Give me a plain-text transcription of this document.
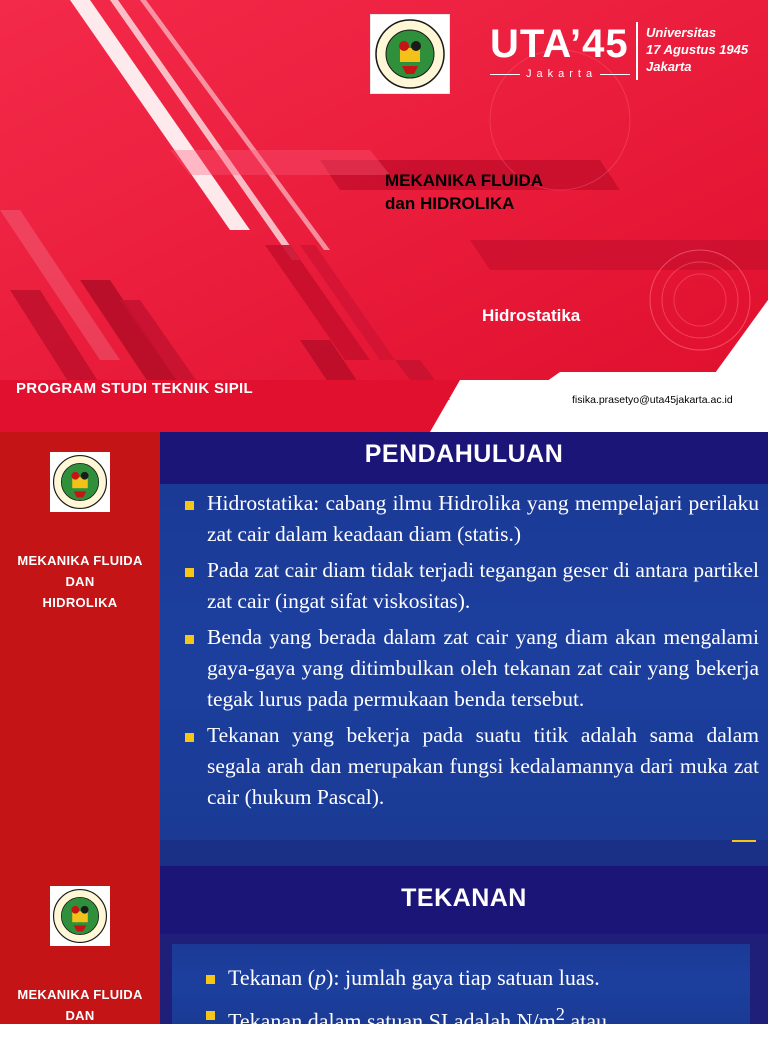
UTA’45
Jakarta
Universitas
17 Agustus 1945
Jakarta
MEKANIKA FLUIDA
dan HIDROLIKA
Hidrostatika
PROGRAM STUDI TEKNIK SIPIL
fisika.prasetyo@uta45jakarta.ac.id
MEKANIKA FLUIDA
DAN
HIDROLIKA
PENDAHULUAN
Hidrostatika: cabang ilmu Hidrolika yang mempelajari perilaku zat cair dalam keadaan diam (statis.)
Pada zat cair diam tidak terjadi tegangan geser di antara partikel zat cair (ingat sifat viskositas).
Benda yang berada dalam zat cair yang diam akan mengalami gaya-gaya yang ditimbulkan oleh tekanan zat cair yang bekerja tegak lurus pada permukaan benda tersebut.
Tekanan yang bekerja pada suatu titik adalah sama dalam segala arah dan merupakan fungsi kedalamannya dari muka zat cair (hukum Pascal).
MEKANIKA FLUIDA
DAN
HIDROLIKA
TEKANAN
Tekanan (p): jumlah gaya tiap satuan luas.
Tekanan dalam satuan SI adalah $N/m^2$ atau
